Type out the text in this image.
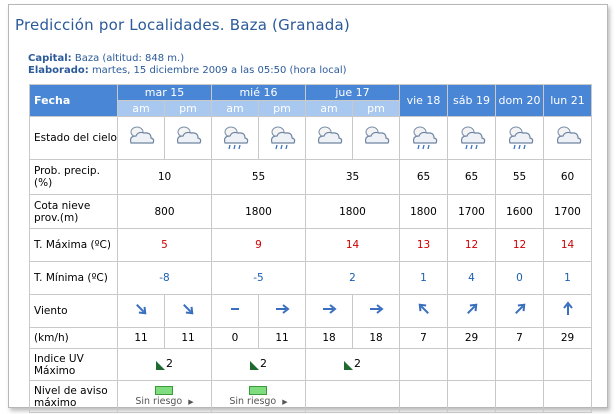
Predicción por Localidades. Baza (Granada)
Capital: Baza (altitud: 848 m.)
Elaborado: martes, 15 diciembre 2009 a las 05:50 (hora local)
Fecha	mar 15		mié 16		jue 17		vie 18	sáb 19	dom 20	lun 21
	am	pm	am	pm	am	pm				
Estado del cielo										
Prob. precip.(%)	10		55		35		65	65	55	60
Cota nieve prov.(m)	800		1800		1800		1800	1700	1600	1700
T. Máxima (ºC)	5		9		14		13	12	12	14
T. Mínima (ºC)	-8		-5		2		1	4	0	1
Viento										
(km/h)	11	11	0	11	18	18	7	29	7	29
Indice UV Máximo	2		2		2					

Nivel de aviso máximo	Sin riesgo ▶		Sin riesgo ▶							
